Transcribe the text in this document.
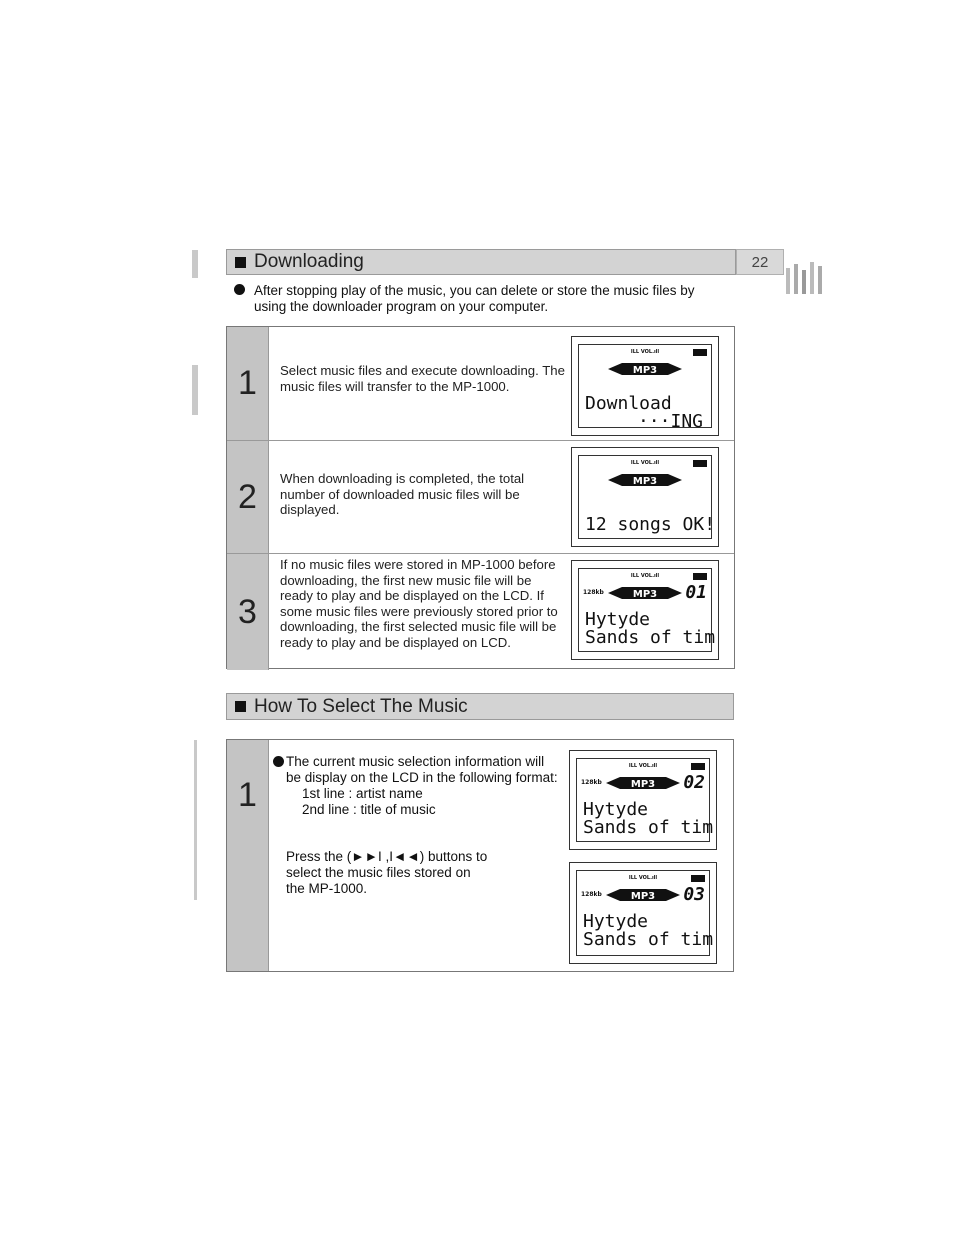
Downloading	22
After stopping play of the music, you can delete or store the music files by using the downloader program on your computer.
1 Select music files and execute downloading. The music files will transfer to the MP-1000.
ILL VOL.ıll
MP3
Download
···ING
2 When downloading is completed, the total number of downloaded music files will be displayed.
ILL VOL.ıll
MP3
12 songs OK!
3
If no music files were stored in MP-1000 before downloading, the first new music file will be ready to play and be displayed on the LCD. If some music files were previously stored prior to downloading, the first selected music file will be ready to play and be displayed on LCD.
ILL VOL.ıll
128kb	MP3 01
Hytyde
Sands of tim
How To Select The Music
1
The current music selection information will be display on the LCD in the following format:
1st line : artist name
2nd line : title of music
Press the (►►I ,I◄◄) buttons to select the music files stored on the MP-1000.
ILL VOL.ıll
128kb	MP3 02
Hytyde
Sands of tim
ILL VOL.ıll
128kb	MP3 03
Hytyde
Sands of tim
